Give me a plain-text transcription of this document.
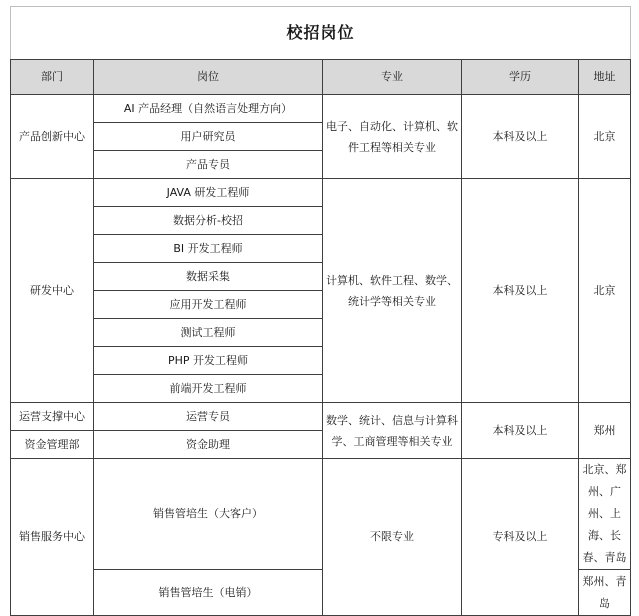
校招岗位				
部门	岗位	专业	学历	地址
产品创新中心	AI 产品经理（自然语言处理方向）	电子、自动化、计算机、软件工程等相关专业	本科及以上	北京
	用户研究员			
	产品专员			
研发中心	JAVA 研发工程师	计算机、软件工程、数学、统计学等相关专业	本科及以上	北京
	数据分析-校招			
	BI 开发工程师			
	数据采集			
	应用开发工程师			
	测试工程师			
	PHP 开发工程师			
	前端开发工程师			
运营支撑中心	运营专员	数学、统计、信息与计算科学、工商管理等相关专业	本科及以上	郑州
资金管理部	资金助理			
销售服务中心	销售管培生（大客户）	不限专业	专科及以上	北京、郑州、广州、上海、长春、青岛
	销售管培生（电销）			郑州、青岛
